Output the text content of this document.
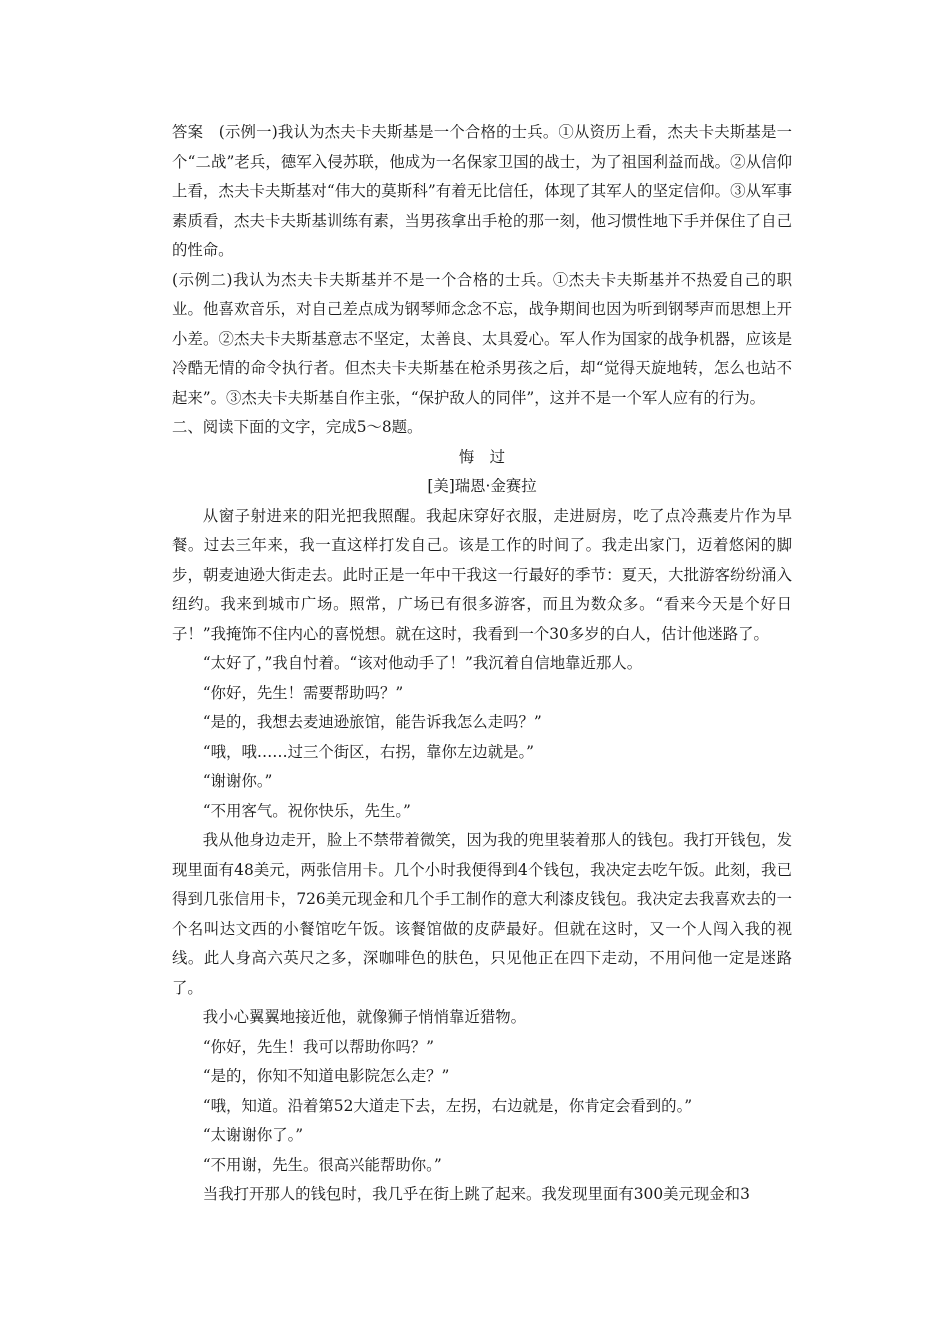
答案　(示例一)我认为杰夫卡夫斯基是一个合格的士兵。①从资历上看，杰夫卡夫斯基是一个“二战”老兵，德军入侵苏联，他成为一名保家卫国的战士，为了祖国利益而战。②从信仰上看，杰夫卡夫斯基对“伟大的莫斯科”有着无比信任，体现了其军人的坚定信仰。③从军事素质看，杰夫卡夫斯基训练有素，当男孩拿出手枪的那一刻，他习惯性地下手并保住了自己的性命。

(示例二)我认为杰夫卡夫斯基并不是一个合格的士兵。①杰夫卡夫斯基并不热爱自己的职业。他喜欢音乐，对自己差点成为钢琴师念念不忘，战争期间也因为听到钢琴声而思想上开小差。②杰夫卡夫斯基意志不坚定，太善良、太具爱心。军人作为国家的战争机器，应该是冷酷无情的命令执行者。但杰夫卡夫斯基在枪杀男孩之后，却“觉得天旋地转，怎么也站不起来”。③杰夫卡夫斯基自作主张，“保护敌人的同伴”，这并不是一个军人应有的行为。

二、阅读下面的文字，完成5～8题。

悔过

[美]瑞恩·金赛拉

从窗子射进来的阳光把我照醒。我起床穿好衣服，走进厨房，吃了点冷燕麦片作为早餐。过去三年来，我一直这样打发自己。该是工作的时间了。我走出家门，迈着悠闲的脚步，朝麦迪逊大街走去。此时正是一年中干我这一行最好的季节：夏天，大批游客纷纷涌入纽约。我来到城市广场。照常，广场已有很多游客，而且为数众多。“看来今天是个好日子！”我掩饰不住内心的喜悦想。就在这时，我看到一个30多岁的白人，估计他迷路了。

“太好了，”我自忖着。“该对他动手了！”我沉着自信地靠近那人。

“你好，先生！需要帮助吗？”

“是的，我想去麦迪逊旅馆，能告诉我怎么走吗？”

“哦，哦……过三个街区，右拐，靠你左边就是。”

“谢谢你。”

“不用客气。祝你快乐，先生。”

我从他身边走开，脸上不禁带着微笑，因为我的兜里装着那人的钱包。我打开钱包，发现里面有48美元，两张信用卡。几个小时我便得到4个钱包，我决定去吃午饭。此刻，我已得到几张信用卡，726美元现金和几个手工制作的意大利漆皮钱包。我决定去我喜欢去的一个名叫达文西的小餐馆吃午饭。该餐馆做的皮萨最好。但就在这时，又一个人闯入我的视线。此人身高六英尺之多，深咖啡色的肤色，只见他正在四下走动，不用问他一定是迷路了。

我小心翼翼地接近他，就像狮子悄悄靠近猎物。

“你好，先生！我可以帮助你吗？”

“是的，你知不知道电影院怎么走？”

“哦，知道。沿着第52大道走下去，左拐，右边就是，你肯定会看到的。”

“太谢谢你了。”

“不用谢，先生。很高兴能帮助你。”

当我打开那人的钱包时，我几乎在街上跳了起来。我发现里面有300美元现金和3
